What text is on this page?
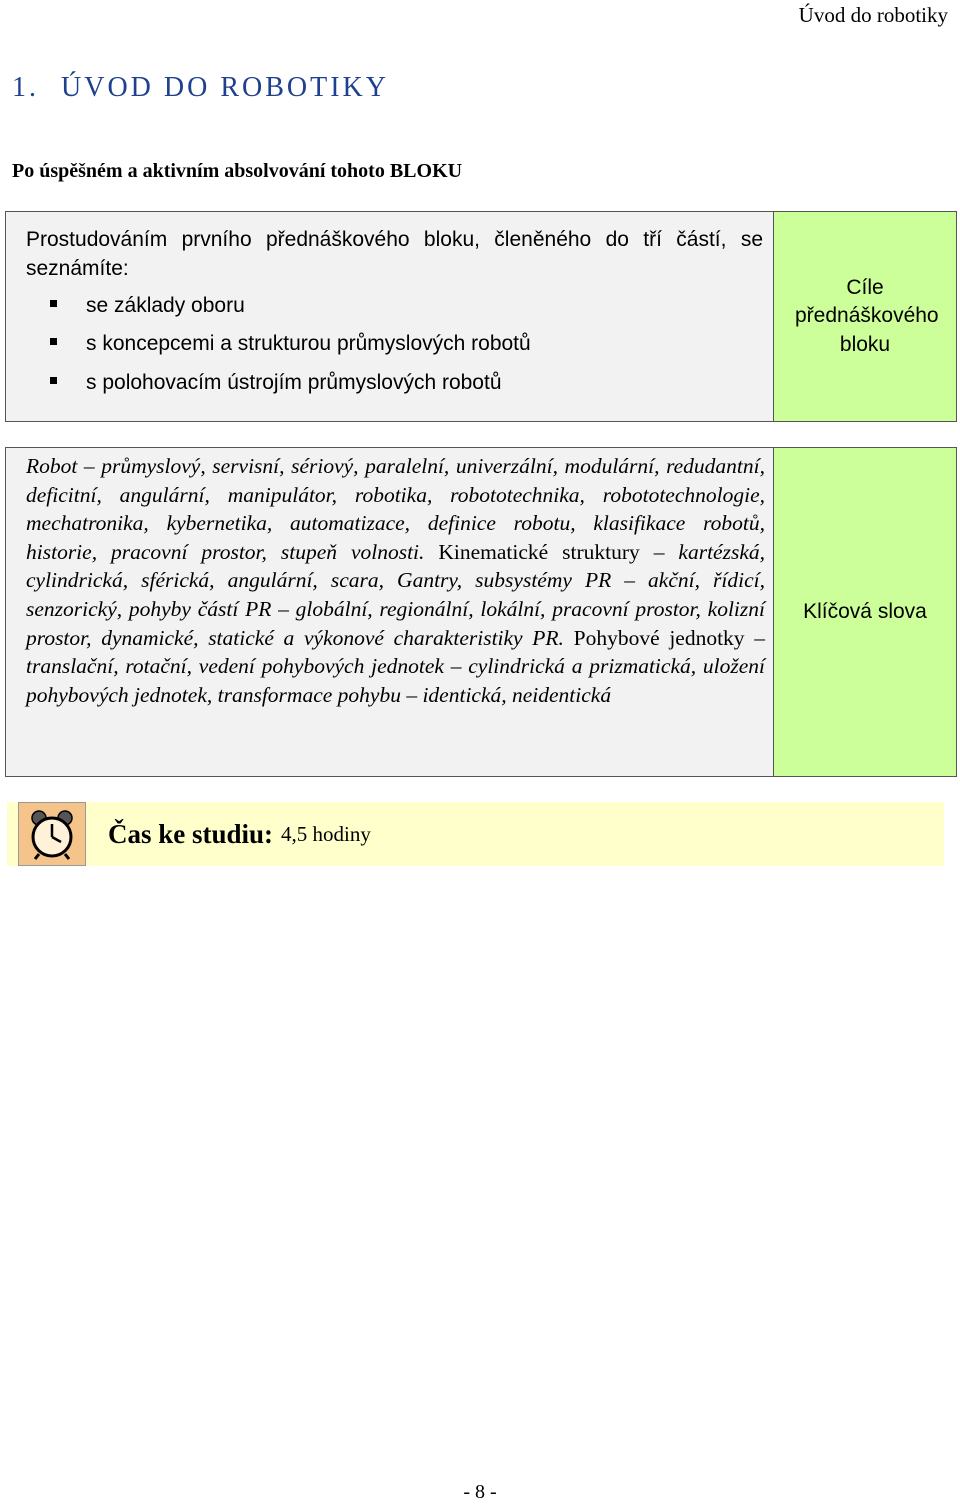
Úvod do robotiky
1. ÚVOD DO ROBOTIKY
Po úspěšném a aktivním absolvování tohoto BLOKU

Prostudováním prvního přednáškového bloku, členěného do tří částí, se seznámíte:

se základy oboru
s koncepcemi a strukturou průmyslových robotů
s polohovacím ústrojím průmyslových robotů
Cíle přednáškového bloku
Robot – průmyslový, servisní, sériový, paralelní, univerzální, modulární, redudantní, deficitní, angulární, manipulátor, robotika, robototechnika, robototechnologie, mechatronika, kybernetika, automatizace, definice robotu, klasifikace robotů, historie, pracovní prostor, stupeň volnosti. Kinematické struktury – kartézská, cylindrická, sférická, angulární, scara, Gantry, subsystémy PR – akční, řídicí, senzorický, pohyby částí PR – globální, regionální, lokální, pracovní prostor, kolizní prostor, dynamické, statické a výkonové charakteristiky PR. Pohybové jednotky – translační, rotační, vedení pohybových jednotek – cylindrická a prizmatická, uložení pohybových jednotek, transformace pohybu – identická, neidentická
Klíčová slova
Čas ke studiu: 4,5 hodiny
- 8 -
